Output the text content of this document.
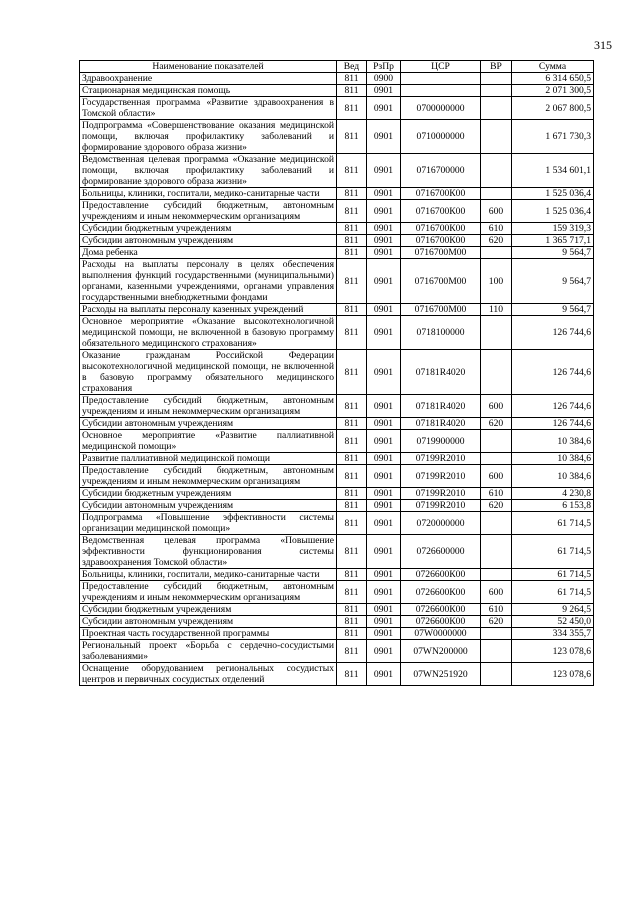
315
Наименование показателей	Вед	РзПр	ЦСР	ВР	Сумма
Здравоохранение	811	0900			6 314 650,5
Стационарная медицинская помощь	811	0901			2 071 300,5
Государственная программа «Развитие здравоохранения в Томской области»	811	0901	0700000000		2 067 800,5
Подпрограмма «Совершенствование оказания медицинской помощи, включая профилактику заболеваний и формирование здорового образа жизни»	811	0901	0710000000		1 671 730,3
Ведомственная целевая программа «Оказание медицинской помощи, включая профилактику заболеваний и формирование здорового образа жизни»	811	0901	0716700000		1 534 601,1
Больницы, клиники, госпитали, медико-санитарные части	811	0901	0716700К00		1 525 036,4
Предоставление субсидий бюджетным, автономным учреждениям и иным некоммерческим организациям	811	0901	0716700К00	600	1 525 036,4
Субсидии бюджетным учреждениям	811	0901	0716700К00	610	159 319,3
Субсидии автономным учреждениям	811	0901	0716700К00	620	1 365 717,1
Дома ребенка	811	0901	0716700М00		9 564,7
Расходы на выплаты персоналу в целях обеспечения выполнения функций государственными (муниципальными) органами, казенными учреждениями, органами управления государственными внебюджетными фондами	811	0901	0716700М00	100	9 564,7
Расходы на выплаты персоналу казенных учреждений	811	0901	0716700М00	110	9 564,7
Основное мероприятие «Оказание высокотехнологичной медицинской помощи, не включенной в базовую программу обязательного медицинского страхования»	811	0901	0718100000		126 744,6
Оказание гражданам Российской Федерации высокотехнологичной медицинской помощи, не включенной в базовую программу обязательного медицинского страхования	811	0901	07181R4020		126 744,6
Предоставление субсидий бюджетным, автономным учреждениям и иным некоммерческим организациям	811	0901	07181R4020	600	126 744,6
Субсидии автономным учреждениям	811	0901	07181R4020	620	126 744,6
Основное мероприятие «Развитие паллиативной медицинской помощи»	811	0901	0719900000		10 384,6
Развитие паллиативной медицинской помощи	811	0901	07199R2010		10 384,6
Предоставление субсидий бюджетным, автономным учреждениям и иным некоммерческим организациям	811	0901	07199R2010	600	10 384,6
Субсидии бюджетным учреждениям	811	0901	07199R2010	610	4 230,8
Субсидии автономным учреждениям	811	0901	07199R2010	620	6 153,8
Подпрограмма «Повышение эффективности системы организации медицинской помощи»	811	0901	0720000000		61 714,5
Ведомственная целевая программа «Повышение эффективности функционирования системы здравоохранения Томской области»	811	0901	0726600000		61 714,5
Больницы, клиники, госпитали, медико-санитарные части	811	0901	0726600К00		61 714,5
Предоставление субсидий бюджетным, автономным учреждениям и иным некоммерческим организациям	811	0901	0726600К00	600	61 714,5
Субсидии бюджетным учреждениям	811	0901	0726600К00	610	9 264,5
Субсидии автономным учреждениям	811	0901	0726600К00	620	52 450,0
Проектная часть государственной программы	811	0901	07W0000000		334 355,7
Региональный проект «Борьба с сердечно-сосудистыми заболеваниями»	811	0901	07WN200000		123 078,6
Оснащение оборудованием региональных сосудистых центров и первичных сосудистых отделений	811	0901	07WN251920		123 078,6
